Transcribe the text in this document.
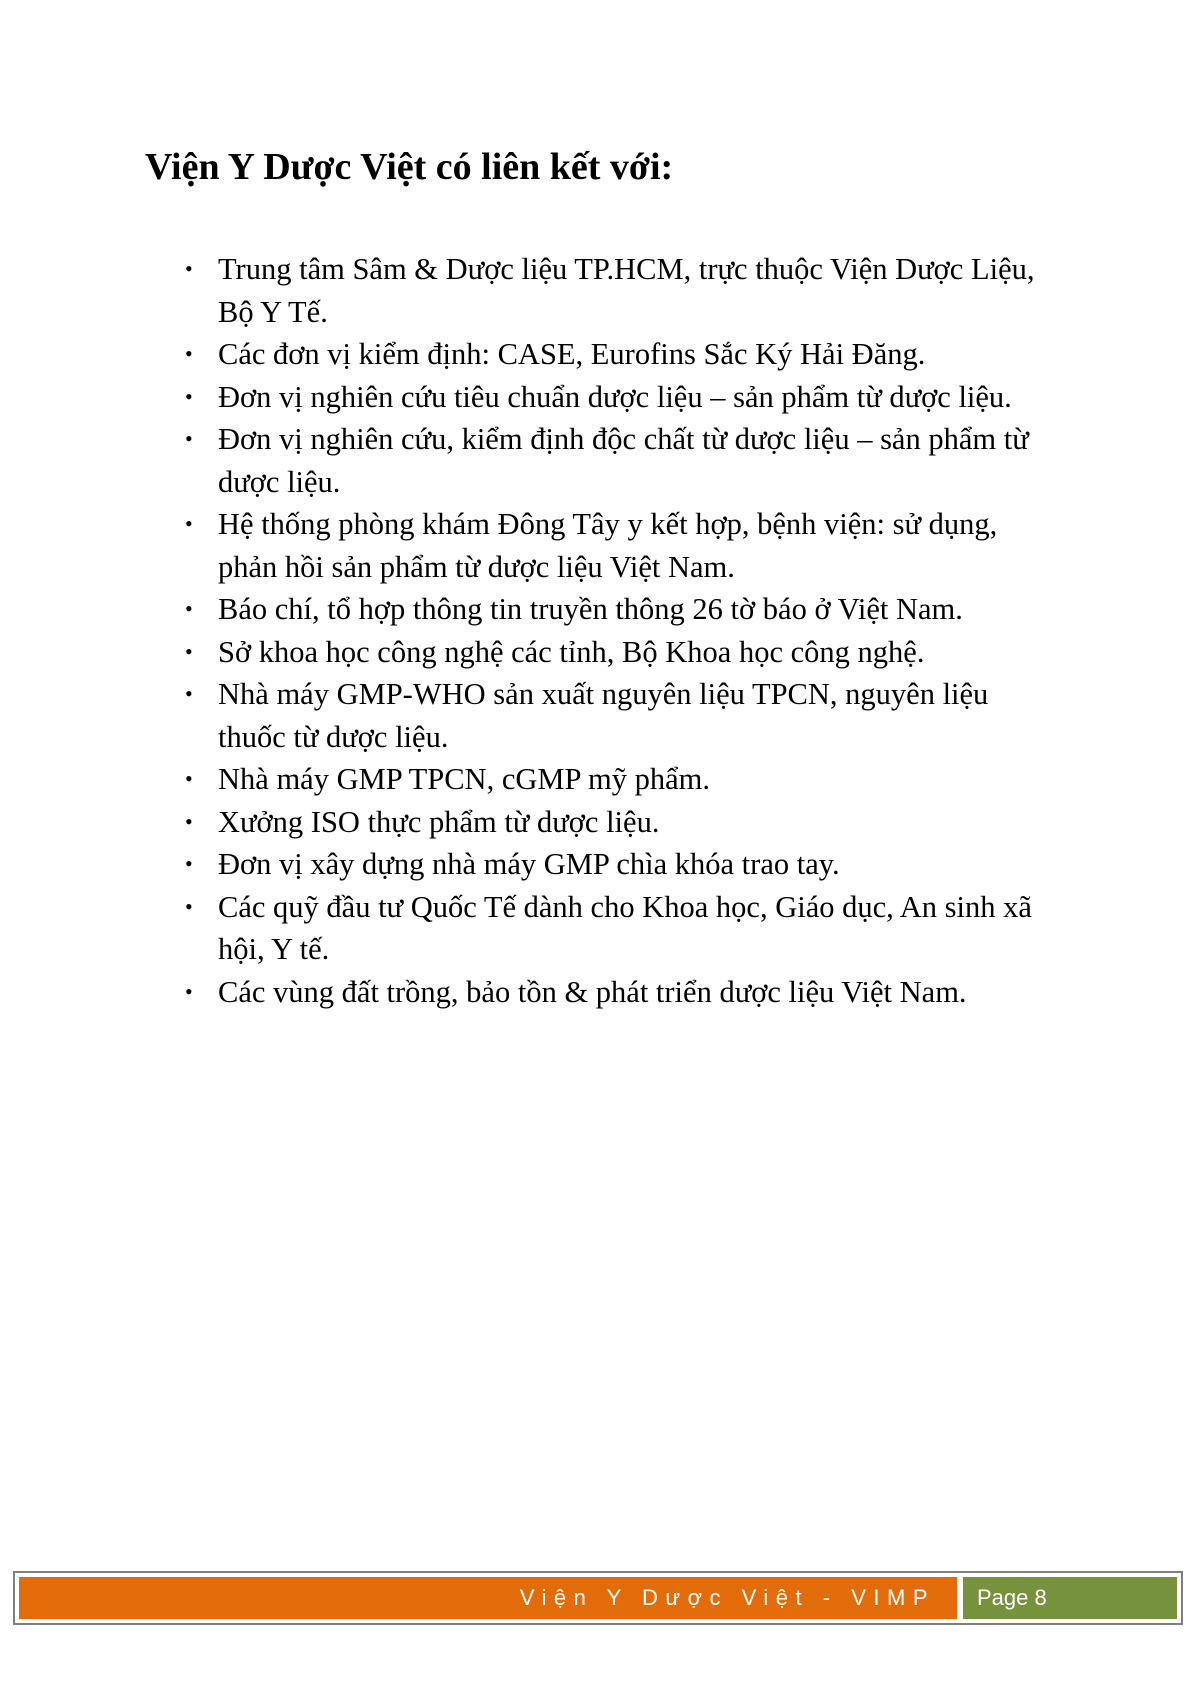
Viện Y Dược Việt có liên kết với:
• Trung tâm Sâm & Dược liệu TP.HCM, trực thuộc Viện Dược Liệu, Bộ Y Tế.
• Các đơn vị kiểm định: CASE, Eurofins Sắc Ký Hải Đăng.
• Đơn vị nghiên cứu tiêu chuẩn dược liệu – sản phẩm từ dược liệu.
• Đơn vị nghiên cứu, kiểm định độc chất từ dược liệu – sản phẩm từ dược liệu.
• Hệ thống phòng khám Đông Tây y kết hợp, bệnh viện: sử dụng, phản hồi sản phẩm từ dược liệu Việt Nam.
• Báo chí, tổ hợp thông tin truyền thông 26 tờ báo ở Việt Nam.
• Sở khoa học công nghệ các tỉnh, Bộ Khoa học công nghệ.
• Nhà máy GMP-WHO sản xuất nguyên liệu TPCN, nguyên liệu thuốc từ dược liệu.
• Nhà máy GMP TPCN, cGMP mỹ phẩm.
• Xưởng ISO thực phẩm từ dược liệu.
• Đơn vị xây dựng nhà máy GMP chìa khóa trao tay.
• Các quỹ đầu tư Quốc Tế dành cho Khoa học, Giáo dục, An sinh xã hội, Y tế.
• Các vùng đất trồng, bảo tồn & phát triển dược liệu Việt Nam.
Viện Y Dược Việt - VIMP Page 8
